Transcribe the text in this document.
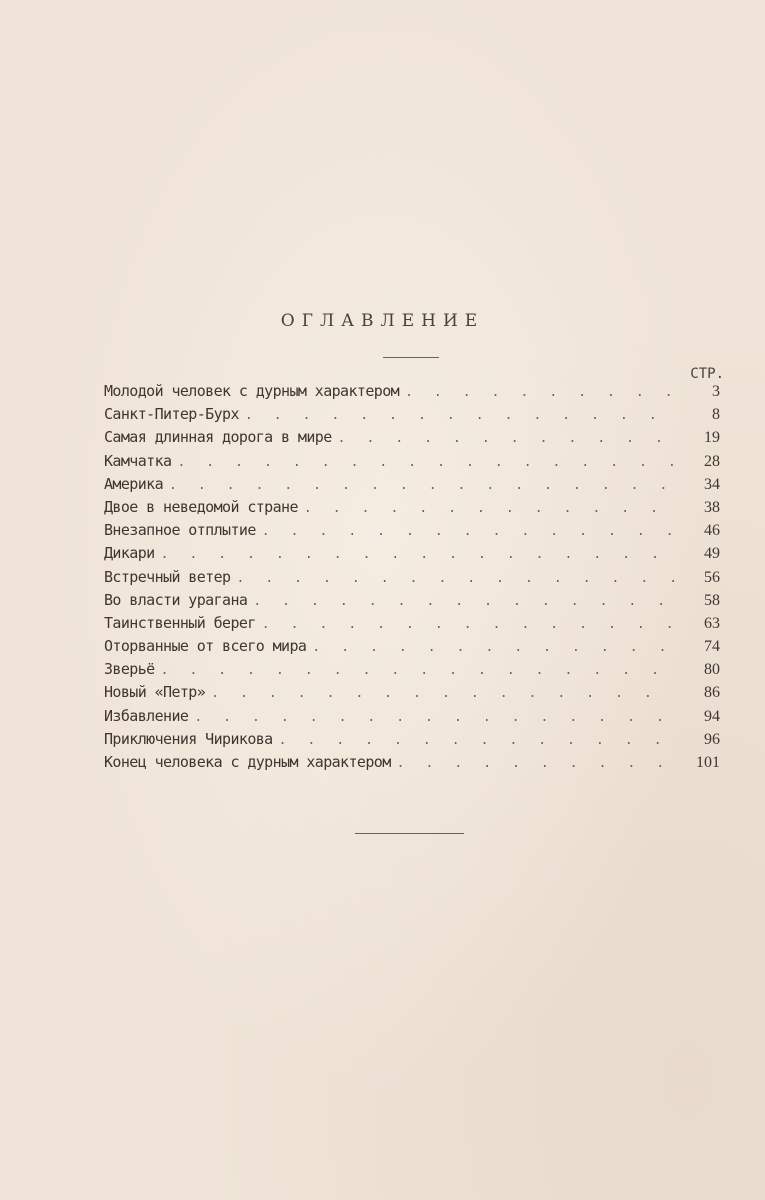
ОГЛАВЛЕНИЕ
СТР.
Молодой человек с дурным характером . . .	3
Санкт-Питер-Бурх . . .	8
Самая длинная дорога в мире . . .	19
Камчатка . . .	28
Америка . . .	34
Двое в неведомой стране . . .	38
Внезапное отплытие . . .	46
Дикари . . .	49
Встречный ветер . . .	56
Во власти урагана . . .	58
Таинственный берег . . .	63
Оторванные от всего мира . . .	74
Зверьё . . .	80
Новый «Петр» . . .	86
Избавление . . .	94
Приключения Чирикова . . .	96
Конец человека с дурным характером . . .	101
